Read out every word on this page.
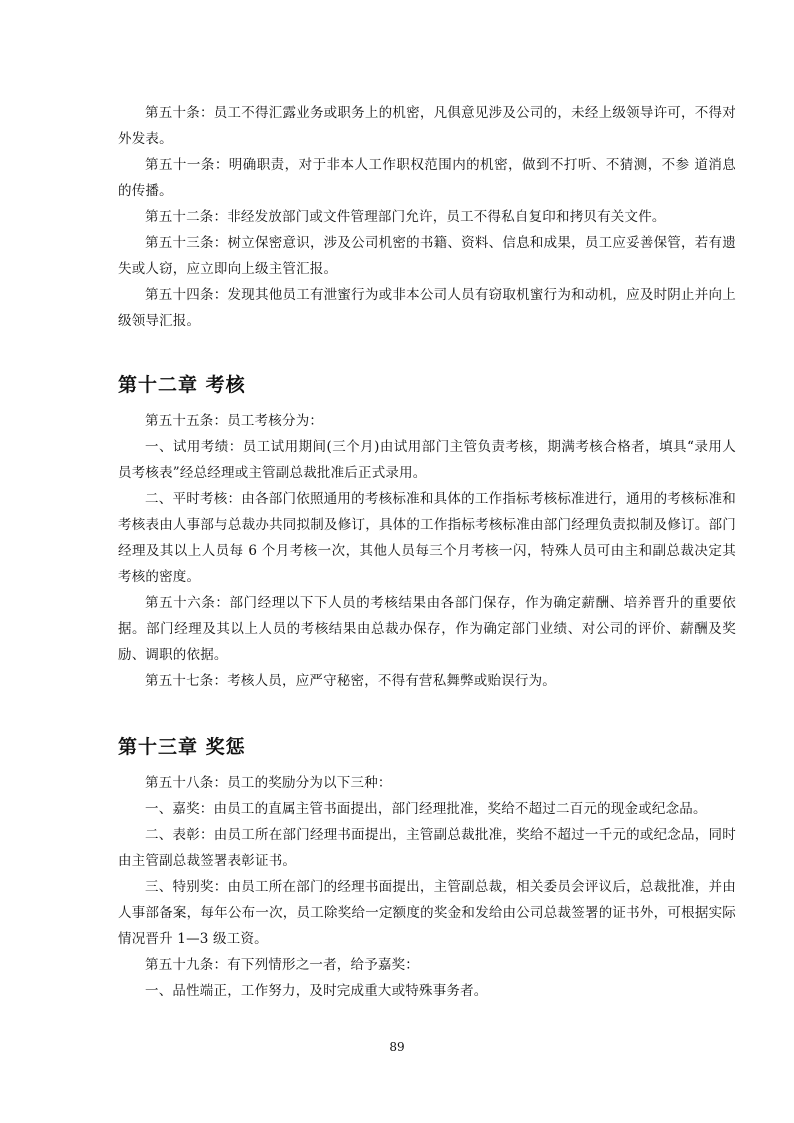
第五十条：员工不得汇露业务或职务上的机密，凡俱意见涉及公司的，未经上级领导许可，不得对外发表。

第五十一条：明确职责，对于非本人工作职权范围内的机密，做到不打听、不猜测，不参 道消息的传播。

第五十二条：非经发放部门或文件管理部门允许，员工不得私自复印和拷贝有关文件。

第五十三条：树立保密意识，涉及公司机密的书籍、资料、信息和成果，员工应妥善保管，若有遗失或人窃，应立即向上级主管汇报。

第五十四条：发现其他员工有泄蜜行为或非本公司人员有窃取机蜜行为和动机，应及时阴止并向上级领导汇报。

第十二章 考核

第五十五条：员工考核分为：

一、试用考绩：员工试用期间(三个月)由试用部门主管负责考核，期满考核合格者，填具“录用人员考核表”经总经理或主管副总裁批准后正式录用。

二、平时考核：由各部门依照通用的考核标准和具体的工作指标考核标准进行，通用的考核标准和考核表由人事部与总裁办共同拟制及修订，具体的工作指标考核标准由部门经理负责拟制及修订。部门经理及其以上人员每 6 个月考核一次，其他人员每三个月考核一闪，特殊人员可由主和副总裁决定其考核的密度。

第五十六条：部门经理以下下人员的考核结果由各部门保存，作为确定薪酬、培养晋升的重要依据。部门经理及其以上人员的考核结果由总裁办保存，作为确定部门业绩、对公司的评价、薪酬及奖励、调职的依据。

第五十七条：考核人员，应严守秘密，不得有营私舞弊或贻误行为。

第十三章 奖惩

第五十八条：员工的奖励分为以下三种：

一、嘉奖：由员工的直属主管书面提出，部门经理批准，奖给不超过二百元的现金或纪念品。

二、表彰：由员工所在部门经理书面提出，主管副总裁批准，奖给不超过一千元的或纪念品，同时由主管副总裁签署表彰证书。

三、特别奖：由员工所在部门的经理书面提出，主管副总裁，相关委员会评议后，总裁批准，并由人事部备案，每年公布一次，员工除奖给一定额度的奖金和发给由公司总裁签署的证书外，可根据实际情况晋升 1—3 级工资。

第五十九条：有下列情形之一者，给予嘉奖：

一、品性端正，工作努力，及时完成重大或特殊事务者。

89
